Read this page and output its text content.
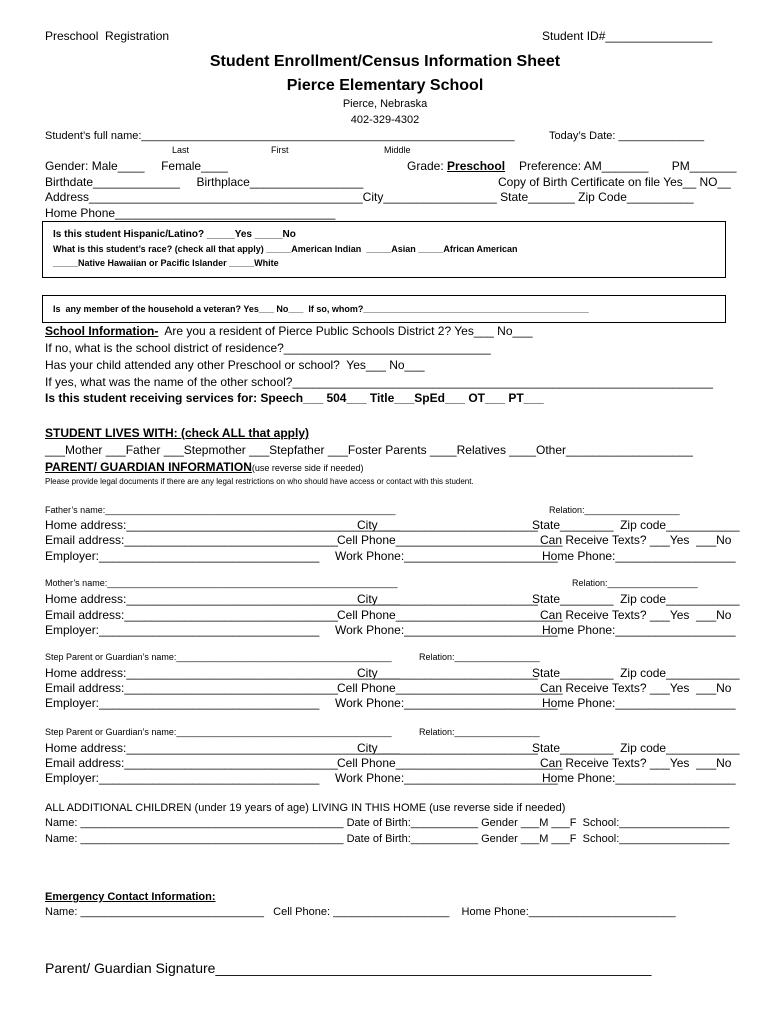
Preschool  Registration	Student ID#________________
Student Enrollment/Census Information Sheet
Pierce Elementary School
Pierce, Nebraska
402-329-4302
Student’s full name:_____________________________________________________________	Today’s Date: ______________
Last	First	Middle
Gender: Male____     Female____	Grade: Preschool Preference: AM_______       PM_______
Birthdate_____________     Birthplace_________________	Copy of Birth Certificate on file Yes__ NO__
Address_________________________________________City_________________ State_______ Zip Code__________
Home Phone_________________________________
Is this student Hispanic/Latino? _____Yes _____No
What is this student’s race? (check all that apply) _____American Indian  _____Asian _____African American
_____Native Hawaiian or Pacific Islander _____White
Is  any member of the household a veteran? Yes___ No___  If so, whom?_____________________________________________
School Information-  Are you a resident of Pierce Public Schools District 2? Yes___ No___
If no, what is the school district of residence?_______________________________
Has your child attended any other Preschool or school?  Yes___ No___
If yes, what was the name of the other school?_______________________________________________________________
Is this student receiving services for: Speech___ 504___ Title___SpEd___ OT___ PT___
STUDENT LIVES WITH: (check ALL that apply)
___Mother ___Father ___Stepmother ___Stepfather ___Foster Parents ____Relatives ____Other___________________
PARENT/ GUARDIAN INFORMATION(use reverse side if needed)
Please provide legal documents if there are any legal restrictions on who should have access or contact with this student.
Father’s name:__________________________________________________________	Relation:___________________
Home address:_________________________________________
City________________________
State________  Zip code___________
Email address:________________________________ Cell Phone_________________________
Can Receive Texts? ___Yes  ___No
Employer:_________________________________ Work Phone:_______________________
Home Phone:__________________
Mother’s name:__________________________________________________________	Relation:__________________
Home address:_________________________________________
City________________________
State________  Zip code___________
Email address:________________________________ Cell Phone_________________________
Can Receive Texts? ___Yes  ___No
Employer:_________________________________ Work Phone:_______________________
Home Phone:__________________
Step Parent or Guardian’s name:___________________________________________	Relation:_________________
Home address:_________________________________________
City________________________
State________  Zip code___________
Email address:________________________________ Cell Phone_________________________
Can Receive Texts? ___Yes  ___No
Employer:_________________________________ Work Phone:_______________________
Home Phone:__________________
Step Parent or Guardian’s name:___________________________________________	Relation:_________________
Home address:_________________________________________
City________________________
State________  Zip code___________
Email address:________________________________ Cell Phone_________________________
Can Receive Texts? ___Yes  ___No
Employer:_________________________________ Work Phone:_______________________
Home Phone:__________________
ALL ADDITIONAL CHILDREN (under 19 years of age) LIVING IN THIS HOME (use reverse side if needed)
Name: ___________________________________________ Date of Birth:___________ Gender ___M ___F  School:__________________
Name: ___________________________________________ Date of Birth:___________ Gender ___M ___F  School:__________________
Emergency Contact Information:
Name: ______________________________   Cell Phone: ___________________    Home Phone:________________________
Parent/ Guardian Signature________________________________________________________
